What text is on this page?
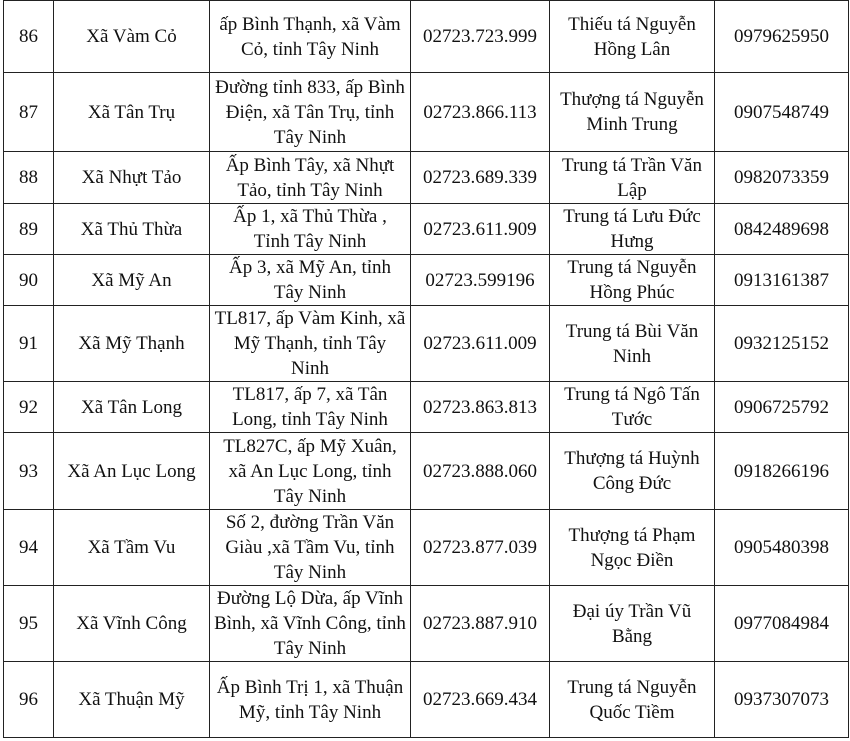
86	Xã Vàm Cỏ	ấp Bình Thạnh, xã Vàm Cỏ, tỉnh Tây Ninh	02723.723.999	Thiếu tá Nguyễn Hồng Lân	0979625950
87	Xã Tân Trụ	Đường tỉnh 833, ấp Bình Điện, xã Tân Trụ, tỉnh Tây Ninh	02723.866.113	Thượng tá Nguyễn Minh Trung	0907548749
88	Xã Nhựt Tảo	Ấp Bình Tây, xã Nhựt Tảo, tỉnh Tây Ninh	02723.689.339	Trung tá Trần Văn Lập	0982073359
89	Xã Thủ Thừa	Ấp 1, xã Thủ Thừa , Tỉnh Tây Ninh	02723.611.909	Trung tá Lưu Đức Hưng	0842489698
90	Xã Mỹ An	Ấp 3, xã Mỹ An, tỉnh Tây Ninh	02723.599196	Trung tá Nguyễn Hồng Phúc	0913161387
91	Xã Mỹ Thạnh	TL817, ấp Vàm Kinh, xã Mỹ Thạnh, tỉnh Tây Ninh	02723.611.009	Trung tá Bùi Văn Ninh	0932125152
92	Xã Tân Long	TL817, ấp 7, xã Tân Long, tỉnh Tây Ninh	02723.863.813	Trung tá Ngô Tấn Tước	0906725792
93	Xã An Lục Long	TL827C, ấp Mỹ Xuân, xã An Lục Long, tỉnh Tây Ninh	02723.888.060	Thượng tá Huỳnh Công Đức	0918266196
94	Xã Tầm Vu	Số 2, đường Trần Văn Giàu ,xã Tầm Vu, tỉnh Tây Ninh	02723.877.039	Thượng tá Phạm Ngọc Điền	0905480398
95	Xã Vĩnh Công	Đường Lộ Dừa, ấp Vĩnh Bình, xã Vĩnh Công, tỉnh Tây Ninh	02723.887.910	Đại úy Trần Vũ Bằng	0977084984
96	Xã Thuận Mỹ	Ấp Bình Trị 1, xã Thuận Mỹ, tỉnh Tây Ninh	02723.669.434	Trung tá Nguyễn Quốc Tiềm	0937307073
